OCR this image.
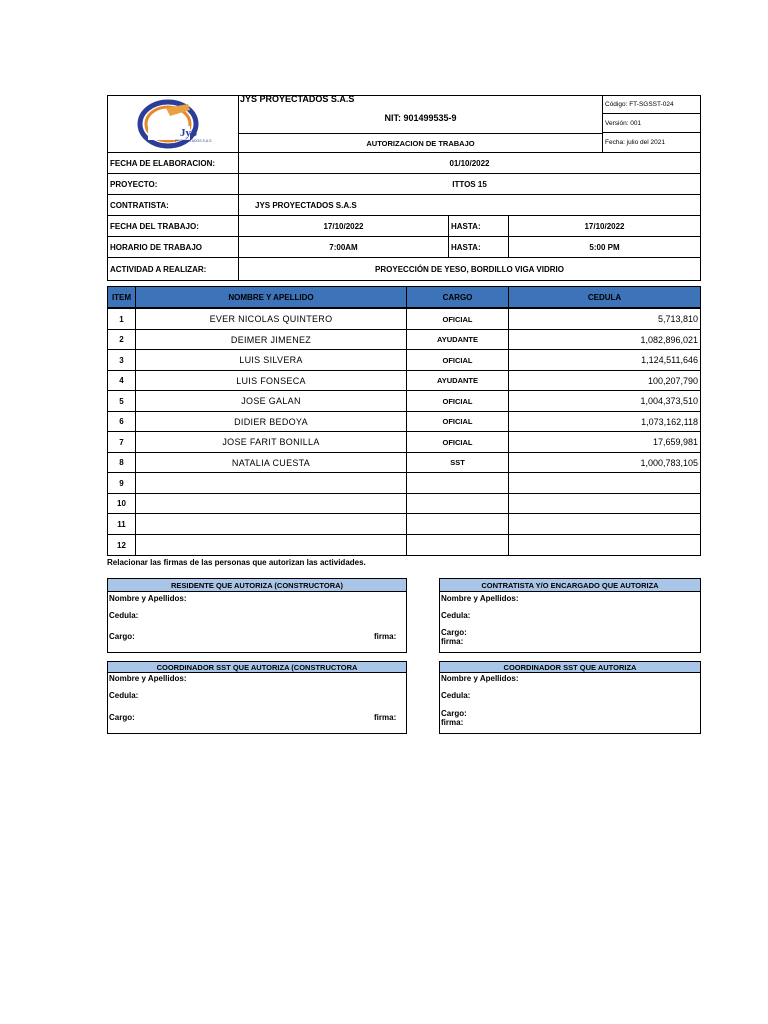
JyS
PROYECTADOS S.A.S
JYS PROYECTADOS S.A.S
NIT: 901499535-9
AUTORIZACION DE TRABAJO
Código: FT-SGSST-024
Versión: 001
Fecha: julio del 2021
FECHA DE ELABORACION:	01/10/2022
PROYECTO:	ITTOS 15
CONTRATISTA:	JYS PROYECTADOS S.A.S
FECHA DEL TRABAJO:	17/10/2022	HASTA:	17/10/2022
HORARIO DE TRABAJO	7:00AM	HASTA:	5:00 PM
ACTIVIDAD A REALIZAR:	PROYECCIÓN DE YESO, BORDILLO VIGA VIDRIO
ITEM	NOMBRE Y APELLIDO	CARGO	CEDULA
1	EVER NICOLAS QUINTERO	OFICIAL	5,713,810
2	DEIMER JIMENEZ	AYUDANTE	1,082,896,021
3	LUIS SILVERA	OFICIAL	1,124,511,646
4	LUIS FONSECA	AYUDANTE	100,207,790
5	JOSE GALAN	OFICIAL	1,004,373,510
6	DIDIER BEDOYA	OFICIAL	1,073,162,118
7	JOSE FARIT BONILLA	OFICIAL	17,659,981
8	NATALIA CUESTA	SST	1,000,783,105
9
10
11
12
Relacionar las firmas de las personas que autorizan las actividades.
RESIDENTE QUE AUTORIZA (CONSTRUCTORA)
Nombre y Apellidos:
Cedula:
Cargo:	firma:
CONTRATISTA Y/O ENCARGADO QUE AUTORIZA
Nombre y Apellidos:
Cedula:
Cargo:
firma:
COORDINADOR SST QUE AUTORIZA (CONSTRUCTORA
Nombre y Apellidos:
Cedula:
Cargo:	firma:
COORDINADOR SST QUE AUTORIZA
Nombre y Apellidos:
Cedula:
Cargo:
firma:
